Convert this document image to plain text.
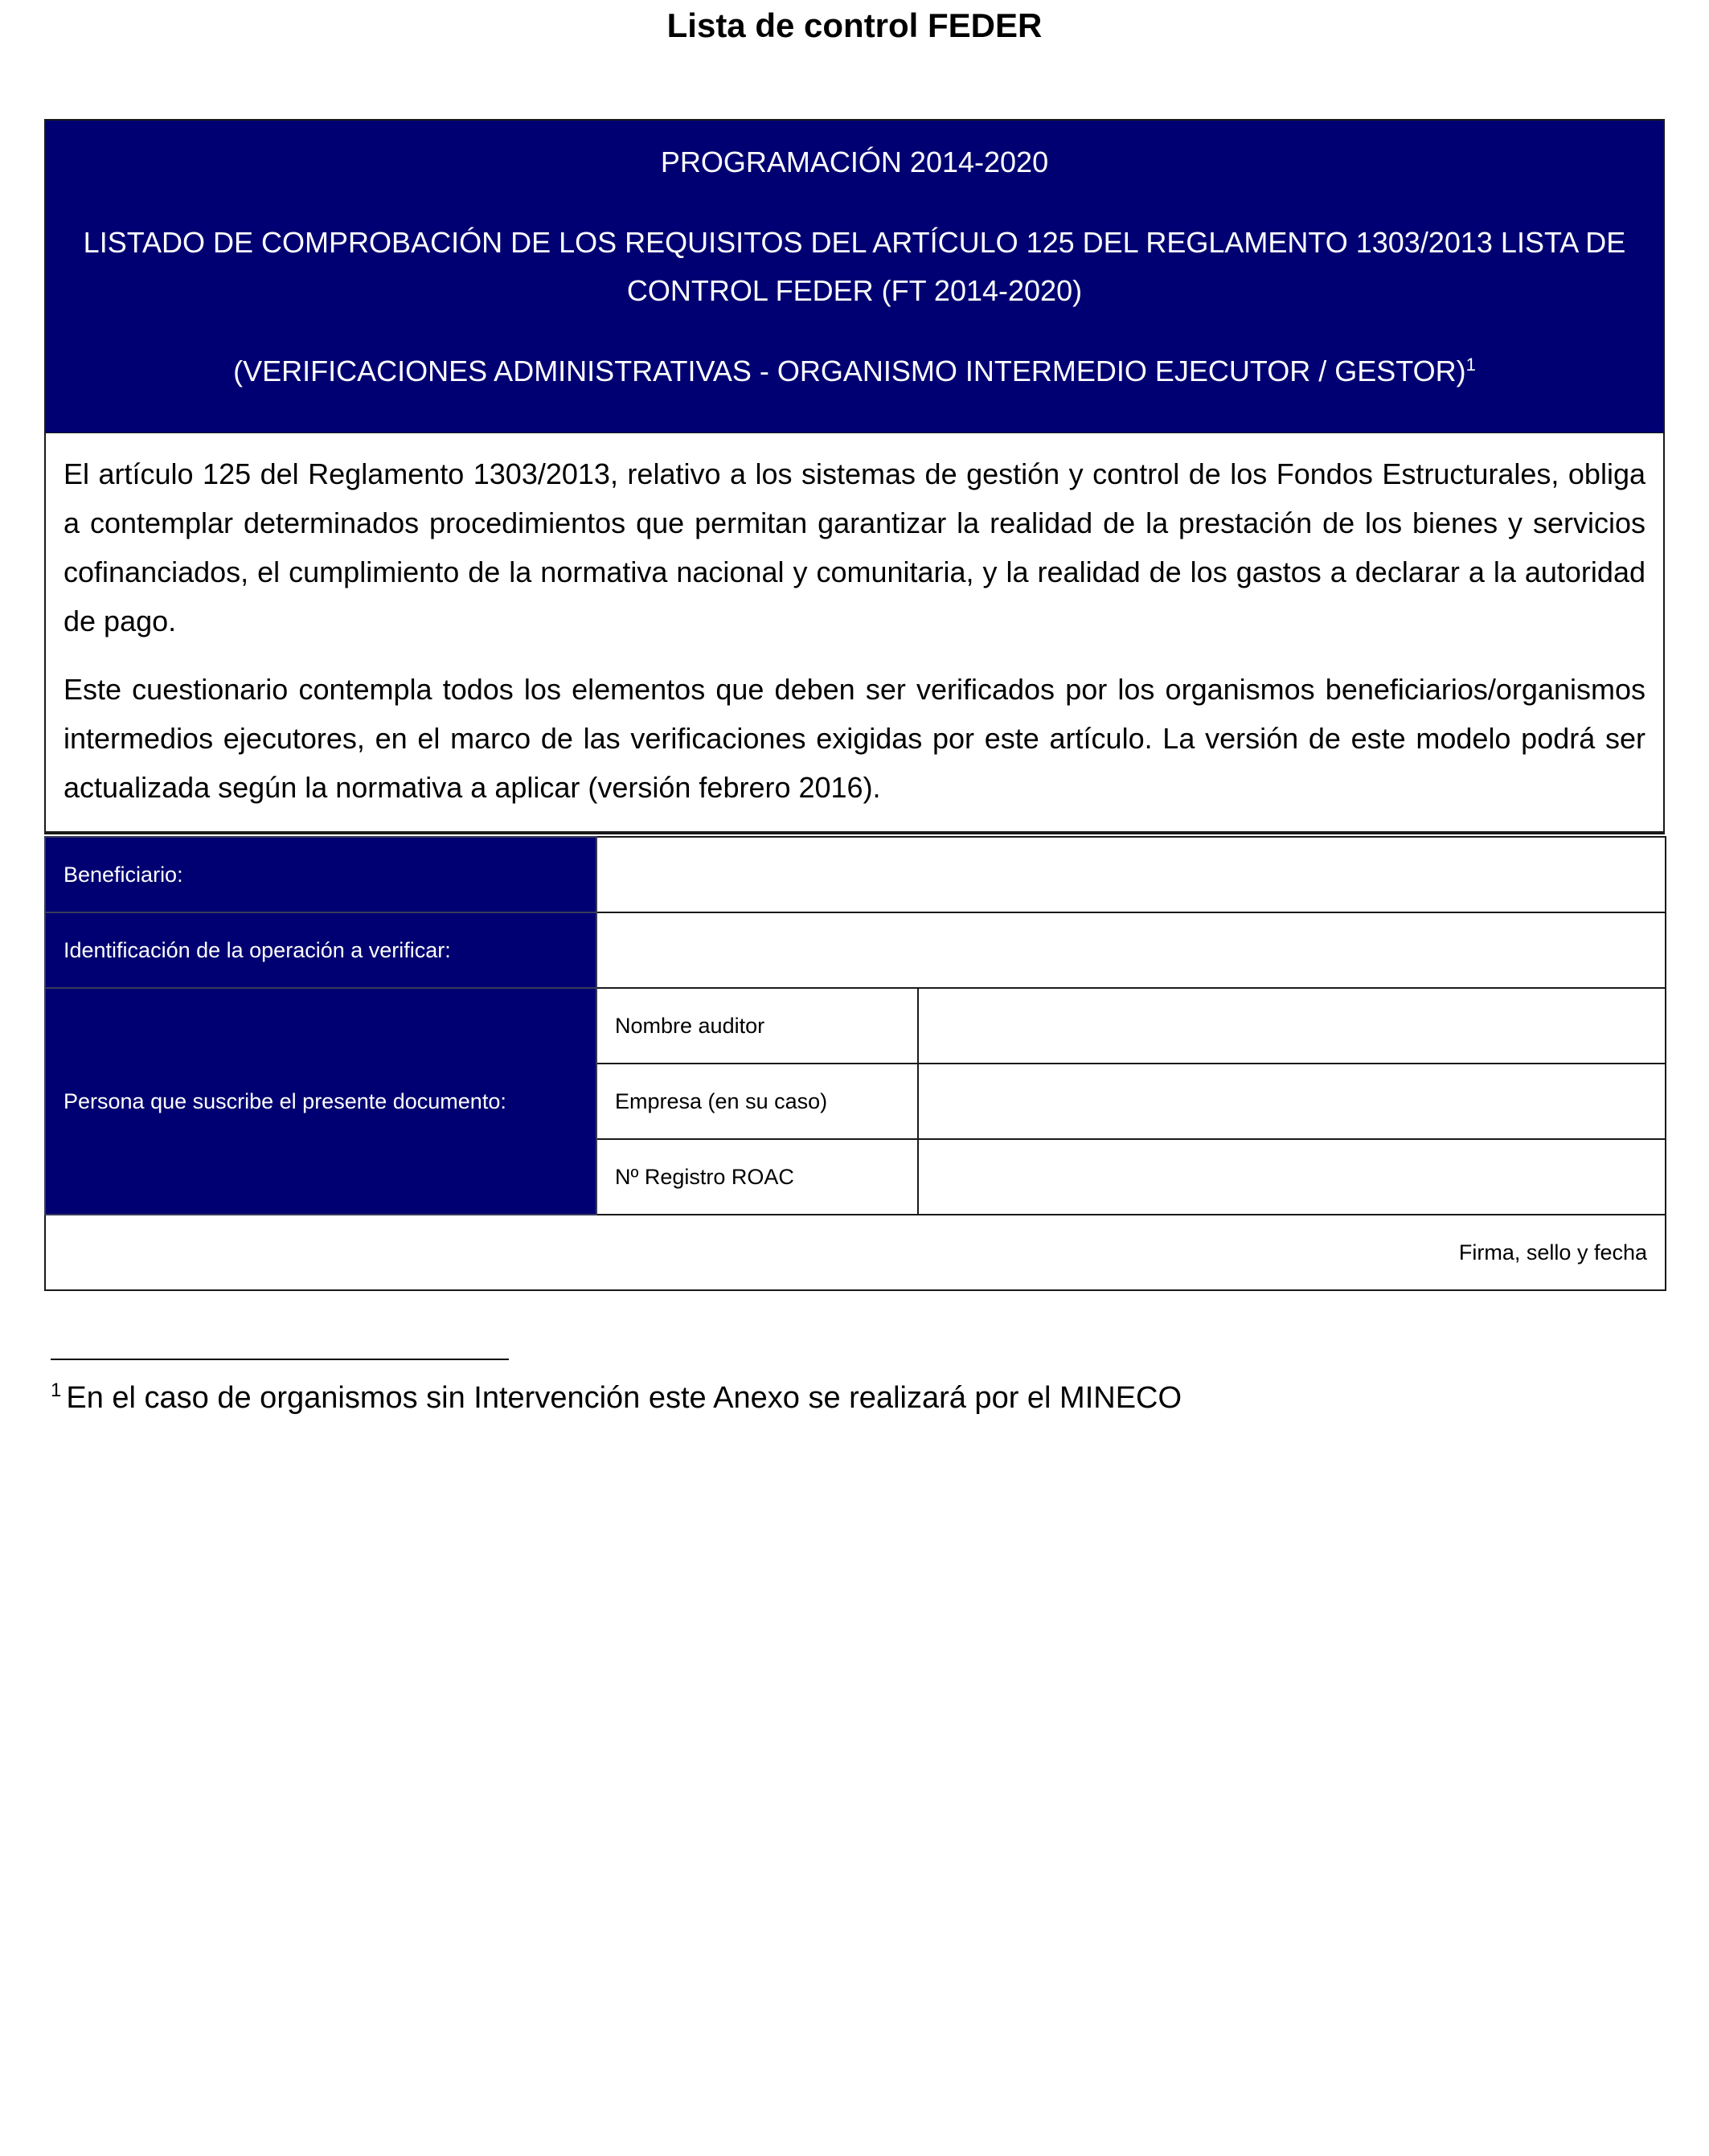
Lista de control FEDER

PROGRAMACIÓN 2014-2020

LISTADO DE COMPROBACIÓN DE LOS REQUISITOS DEL ARTÍCULO 125 DEL REGLAMENTO 1303/2013 LISTA DE CONTROL FEDER (FT 2014-2020)

(VERIFICACIONES ADMINISTRATIVAS - ORGANISMO INTERMEDIO EJECUTOR / GESTOR)$^1$

El artículo 125 del Reglamento 1303/2013, relativo a los sistemas de gestión y control de los Fondos Estructurales, obliga a contemplar determinados procedimientos que permitan garantizar la realidad de la prestación de los bienes y servicios cofinanciados, el cumplimiento de la normativa nacional y comunitaria, y la realidad de los gastos a declarar a la autoridad de pago.

Este cuestionario contempla todos los elementos que deben ser verificados por los organismos beneficiarios/organismos intermedios ejecutores, en el marco de las verificaciones exigidas por este artículo. La versión de este modelo podrá ser actualizada según la normativa a aplicar (versión febrero 2016).

Beneficiario:		
Identificación de la operación a verificar:		
Persona que suscribe el presente documento:	Nombre auditor	
	Empresa (en su caso)	
	Nº Registro ROAC	
Firma, sello y fecha		

$^1$ En el caso de organismos sin Intervención este Anexo se realizará por el MINECO
